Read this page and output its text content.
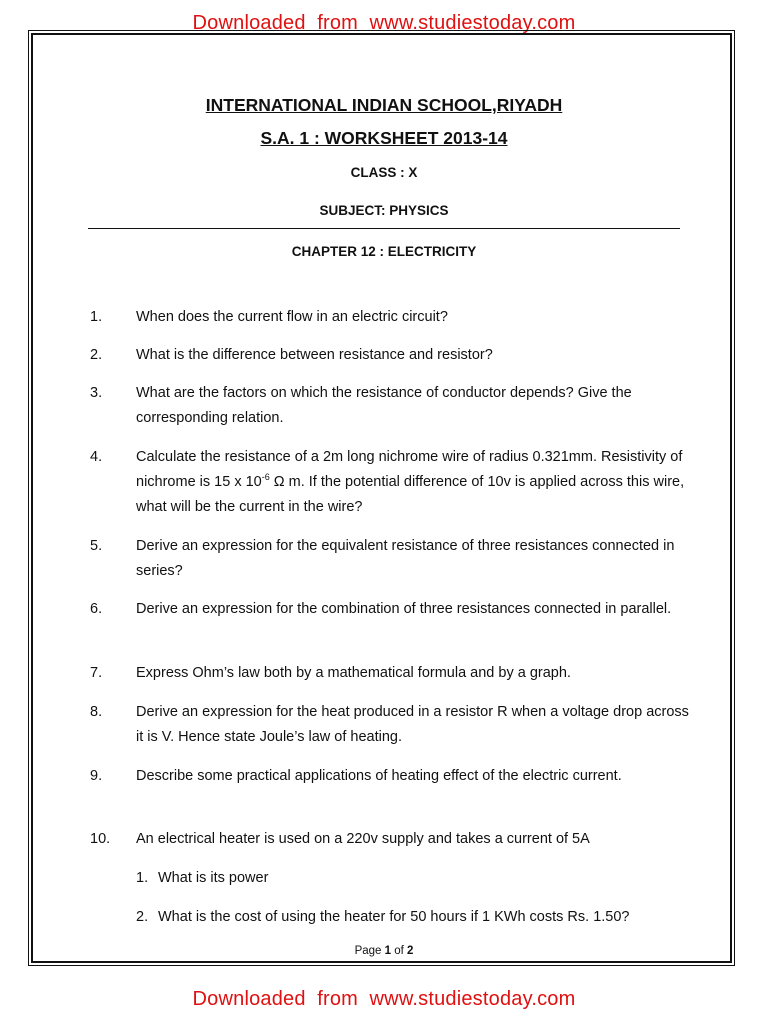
Downloaded  from  www.studiestoday.com
INTERNATIONAL INDIAN SCHOOL,RIYADH
S.A. 1 : WORKSHEET 2013-14
CLASS : X
SUBJECT: PHYSICS
CHAPTER 12 : ELECTRICITY
1.	When does the current flow in an electric circuit?
2.	What is the difference between resistance and resistor?
3.	What are the factors on which the resistance of conductor depends? Give the corresponding relation.
4.	Calculate the resistance of a 2m long nichrome wire of radius 0.321mm. Resistivity of nichrome is 15 x $10^{-6}$ Ω m. If the potential difference of 10v is applied across this wire, what will be the current in the wire?
5.	Derive an expression for the equivalent resistance of three resistances connected in series?
6.	Derive an expression for the combination of three resistances connected in parallel.
7.	Express Ohm’s law both by a mathematical formula and by a graph.
8.	Derive an expression for the heat produced in a resistor R when a voltage drop across it is V. Hence state Joule’s law of heating.
9.	Describe some practical applications of heating effect of the electric current.
10.	An electrical heater is used on a 220v supply and takes a current of 5A
1. What is its power
2. What is the cost of using the heater for 50 hours if 1 KWh costs Rs. 1.50?
Page 1 of 2
Downloaded  from  www.studiestoday.com
